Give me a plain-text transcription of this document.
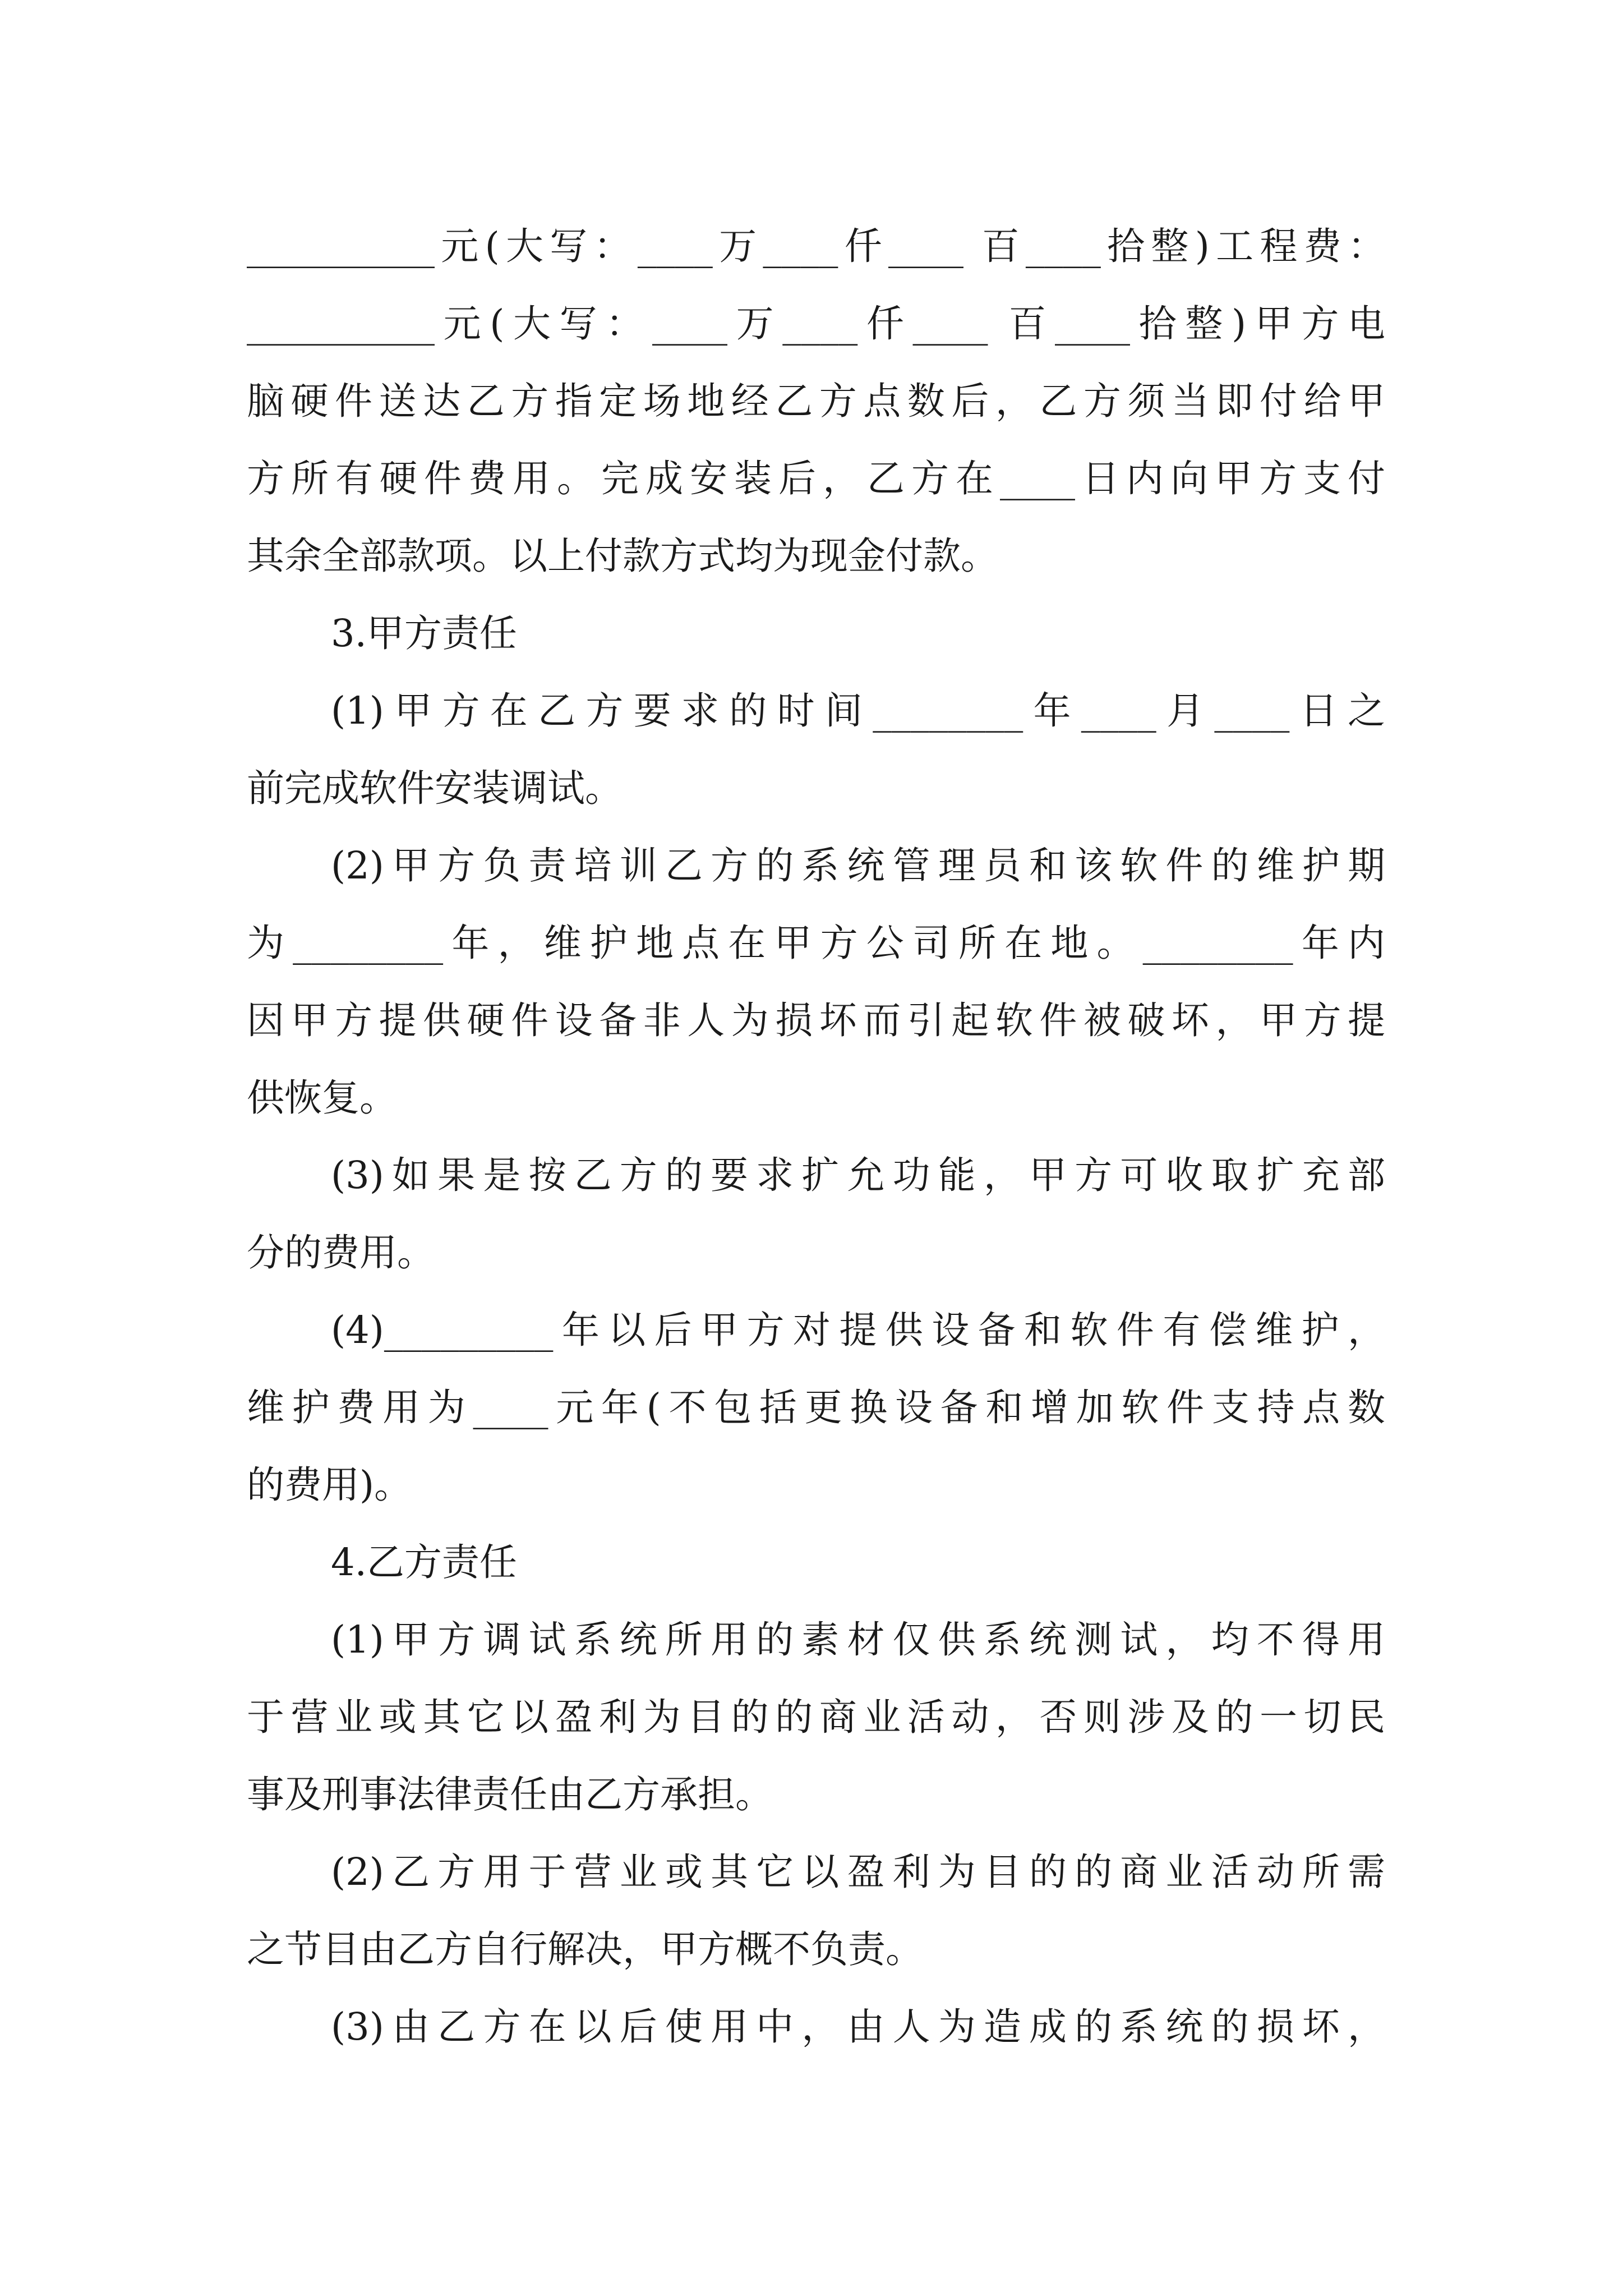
__________元(大写：____万____仟____ 百____拾整)工程费：
__________元(大写：____万____仟____ 百____拾整)甲方电
脑硬件送达乙方指定场地经乙方点数后，乙方须当即付给甲
方所有硬件费用。完成安装后，乙方在____日内向甲方支付
其余全部款项。以上付款方式均为现金付款。
3.甲方责任
(1)甲方在乙方要求的时间________年____月____日之
前完成软件安装调试。
(2)甲方负责培训乙方的系统管理员和该软件的维护期
为________年，维护地点在甲方公司所在地。________年内
因甲方提供硬件设备非人为损坏而引起软件被破坏，甲方提
供恢复。
(3)如果是按乙方的要求扩允功能，甲方可收取扩充部
分的费用。
(4)_________年以后甲方对提供设备和软件有偿维护，
维护费用为____元年(不包括更换设备和增加软件支持点数
的费用)。
4.乙方责任
(1)甲方调试系统所用的素材仅供系统测试，均不得用
于营业或其它以盈利为目的的商业活动，否则涉及的一切民
事及刑事法律责任由乙方承担。
(2)乙方用于营业或其它以盈利为目的的商业活动所需
之节目由乙方自行解决，甲方概不负责。
(3)由乙方在以后使用中，由人为造成的系统的损坏，
